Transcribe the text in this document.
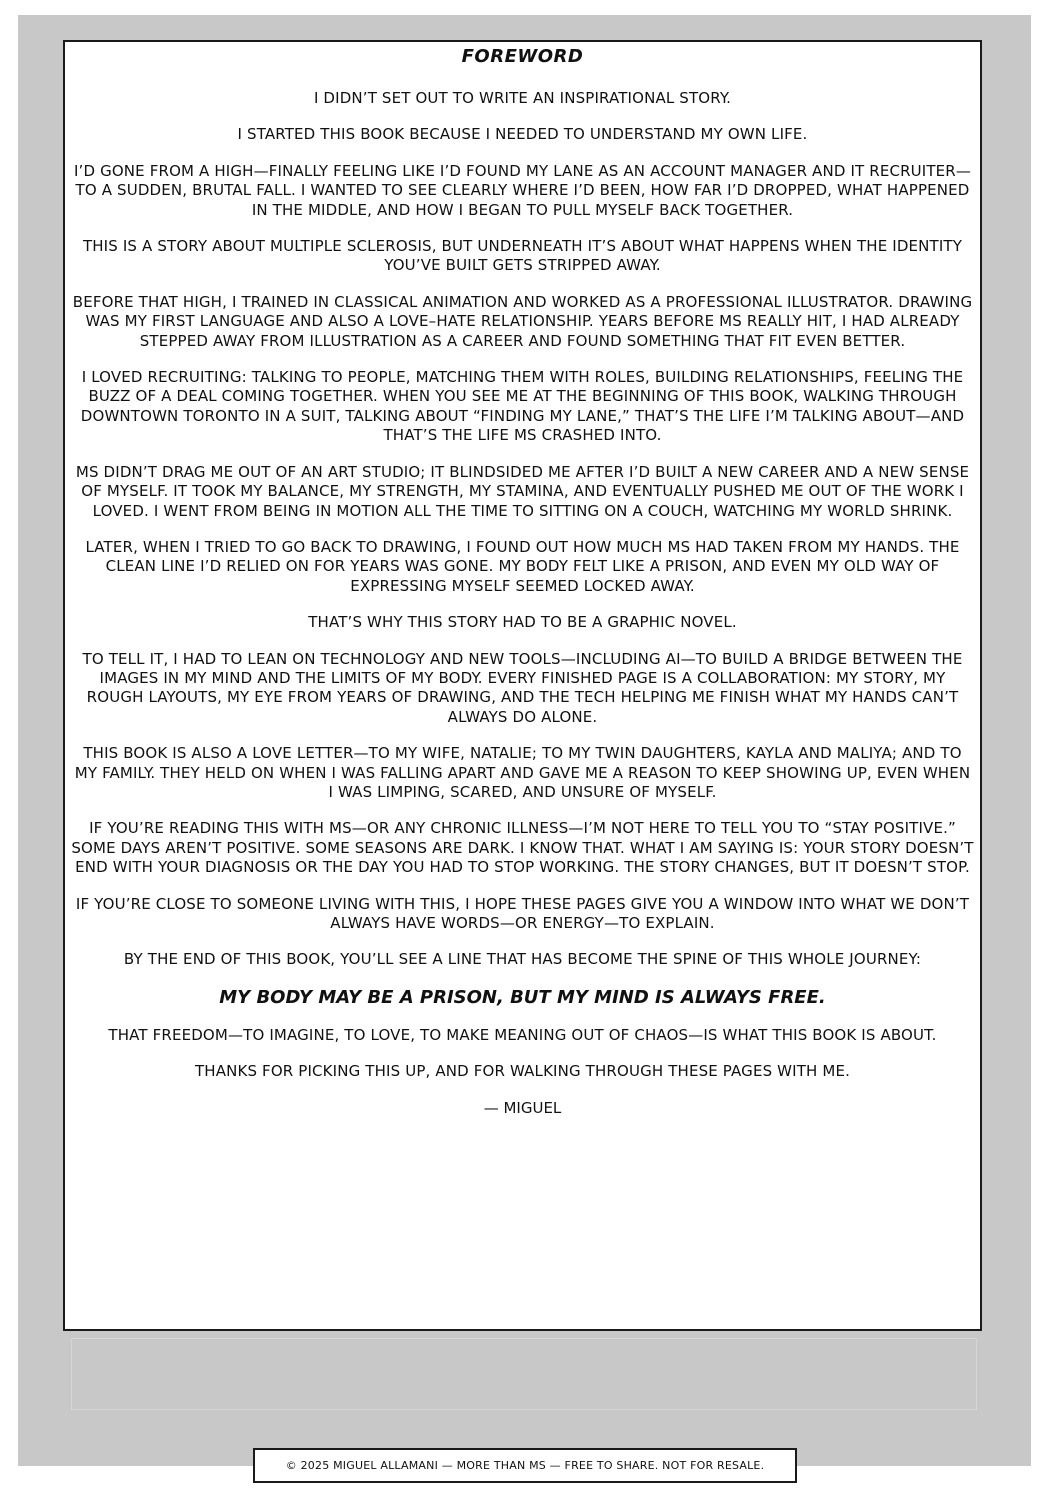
FOREWORD

I DIDN’T SET OUT TO WRITE AN INSPIRATIONAL STORY.

I STARTED THIS BOOK BECAUSE I NEEDED TO UNDERSTAND MY OWN LIFE.

I’D GONE FROM A HIGH—FINALLY FEELING LIKE I’D FOUND MY LANE AS AN ACCOUNT MANAGER AND IT RECRUITER—TO A SUDDEN, BRUTAL FALL. I WANTED TO SEE CLEARLY WHERE I’D BEEN, HOW FAR I’D DROPPED, WHAT HAPPENED IN THE MIDDLE, AND HOW I BEGAN TO PULL MYSELF BACK TOGETHER.

THIS IS A STORY ABOUT MULTIPLE SCLEROSIS, BUT UNDERNEATH IT’S ABOUT WHAT HAPPENS WHEN THE IDENTITY YOU’VE BUILT GETS STRIPPED AWAY.

BEFORE THAT HIGH, I TRAINED IN CLASSICAL ANIMATION AND WORKED AS A PROFESSIONAL ILLUSTRATOR. DRAWING WAS MY FIRST LANGUAGE AND ALSO A LOVE–HATE RELATIONSHIP. YEARS BEFORE MS REALLY HIT, I HAD ALREADY STEPPED AWAY FROM ILLUSTRATION AS A CAREER AND FOUND SOMETHING THAT FIT EVEN BETTER.

I LOVED RECRUITING: TALKING TO PEOPLE, MATCHING THEM WITH ROLES, BUILDING RELATIONSHIPS, FEELING THE BUZZ OF A DEAL COMING TOGETHER. WHEN YOU SEE ME AT THE BEGINNING OF THIS BOOK, WALKING THROUGH DOWNTOWN TORONTO IN A SUIT, TALKING ABOUT “FINDING MY LANE,” THAT’S THE LIFE I’M TALKING ABOUT—AND THAT’S THE LIFE MS CRASHED INTO.

MS DIDN’T DRAG ME OUT OF AN ART STUDIO; IT BLINDSIDED ME AFTER I’D BUILT A NEW CAREER AND A NEW SENSE OF MYSELF. IT TOOK MY BALANCE, MY STRENGTH, MY STAMINA, AND EVENTUALLY PUSHED ME OUT OF THE WORK I LOVED. I WENT FROM BEING IN MOTION ALL THE TIME TO SITTING ON A COUCH, WATCHING MY WORLD SHRINK.

LATER, WHEN I TRIED TO GO BACK TO DRAWING, I FOUND OUT HOW MUCH MS HAD TAKEN FROM MY HANDS. THE CLEAN LINE I’D RELIED ON FOR YEARS WAS GONE. MY BODY FELT LIKE A PRISON, AND EVEN MY OLD WAY OF EXPRESSING MYSELF SEEMED LOCKED AWAY.

THAT’S WHY THIS STORY HAD TO BE A GRAPHIC NOVEL.

TO TELL IT, I HAD TO LEAN ON TECHNOLOGY AND NEW TOOLS—INCLUDING AI—TO BUILD A BRIDGE BETWEEN THE IMAGES IN MY MIND AND THE LIMITS OF MY BODY. EVERY FINISHED PAGE IS A COLLABORATION: MY STORY, MY ROUGH LAYOUTS, MY EYE FROM YEARS OF DRAWING, AND THE TECH HELPING ME FINISH WHAT MY HANDS CAN’T ALWAYS DO ALONE.

THIS BOOK IS ALSO A LOVE LETTER—TO MY WIFE, NATALIE; TO MY TWIN DAUGHTERS, KAYLA AND MALIYA; AND TO MY FAMILY. THEY HELD ON WHEN I WAS FALLING APART AND GAVE ME A REASON TO KEEP SHOWING UP, EVEN WHEN I WAS LIMPING, SCARED, AND UNSURE OF MYSELF.

IF YOU’RE READING THIS WITH MS—OR ANY CHRONIC ILLNESS—I’M NOT HERE TO TELL YOU TO “STAY POSITIVE.” SOME DAYS AREN’T POSITIVE. SOME SEASONS ARE DARK. I KNOW THAT. WHAT I AM SAYING IS: YOUR STORY DOESN’T END WITH YOUR DIAGNOSIS OR THE DAY YOU HAD TO STOP WORKING. THE STORY CHANGES, BUT IT DOESN’T STOP.

IF YOU’RE CLOSE TO SOMEONE LIVING WITH THIS, I HOPE THESE PAGES GIVE YOU A WINDOW INTO WHAT WE DON’T ALWAYS HAVE WORDS—OR ENERGY—TO EXPLAIN.

BY THE END OF THIS BOOK, YOU’LL SEE A LINE THAT HAS BECOME THE SPINE OF THIS WHOLE JOURNEY:

MY BODY MAY BE A PRISON, BUT MY MIND IS ALWAYS FREE.

THAT FREEDOM—TO IMAGINE, TO LOVE, TO MAKE MEANING OUT OF CHAOS—IS WHAT THIS BOOK IS ABOUT.

THANKS FOR PICKING THIS UP, AND FOR WALKING THROUGH THESE PAGES WITH ME.

— MIGUEL

© 2025 MIGUEL ALLAMANI — MORE THAN MS — FREE TO SHARE. NOT FOR RESALE.
